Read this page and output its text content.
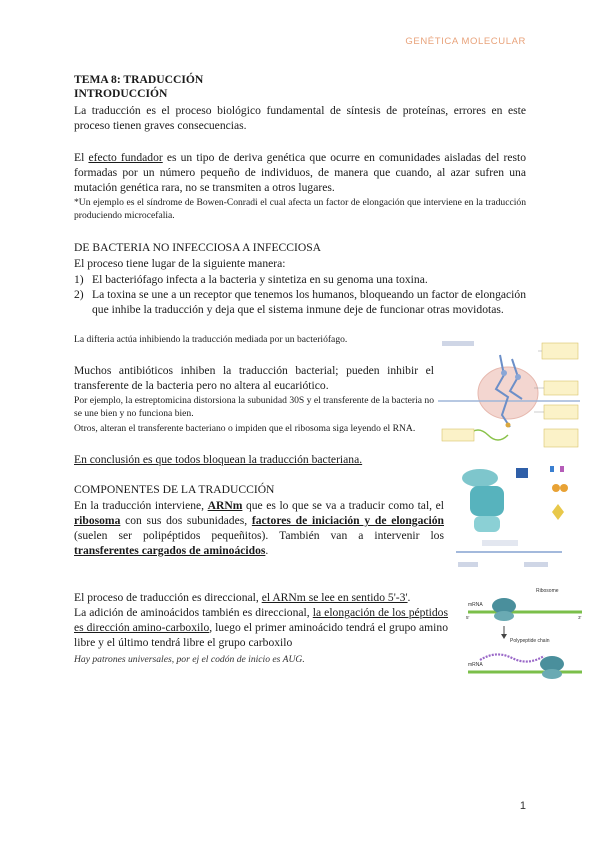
GENÉTICA MOLECULAR
TEMA 8: TRADUCCIÓN
INTRODUCCIÓN
La traducción es el proceso biológico fundamental de síntesis de proteínas, errores en este proceso tienen graves consecuencias.
El efecto fundador es un tipo de deriva genética que ocurre en comunidades aisladas del resto formadas por un número pequeño de individuos, de manera que cuando, al azar sufren una mutación genética rara, no se transmiten a otros lugares.
*Un ejemplo es el síndrome de Bowen-Conradi el cual afecta un factor de elongación que interviene en la traducción produciendo microcefalia.
DE BACTERIA NO INFECCIOSA A INFECCIOSA
El proceso tiene lugar de la siguiente manera:
1) El bacteriófago infecta a la bacteria y sintetiza en su genoma una toxina.
2) La toxina se une a un receptor que tenemos los humanos, bloqueando un factor de elongación que inhibe la traducción y deja que el sistema inmune deje de funcionar otras movidotas.
La difteria actúa inhibiendo la traducción mediada por un bacteriófago.
Muchos antibióticos inhiben la traducción bacterial; pueden inhibir el transferente de la bacteria pero no altera al eucariótico.
Por ejemplo, la estreptomicina distorsiona la subunidad 30S y el transferente de la bacteria no se une bien y no funciona bien.
Otros, alteran el transferente bacteriano o impiden que el ribosoma siga leyendo el RNA.
En conclusión es que todos bloquean la traducción bacteriana.
COMPONENTES DE LA TRADUCCIÓN
En la traducción interviene, ARNm que es lo que se va a traducir como tal, el ribosoma con sus dos subunidades, factores de iniciación y de elongación (suelen ser polipéptidos pequeñitos). También van a intervenir los transferentes cargados de aminoácidos.
El proceso de traducción es direccional, el ARNm se lee en sentido 5'-3'.
La adición de aminoácidos también es direccional, la elongación de los péptidos es dirección amino-carboxilo, luego el primer aminoácido tendrá el grupo amino libre y el último tendrá libre el grupo carboxilo
Hay patrones universales, por ej el codón de inicio es AUG.
Ribosome
mRNA
5'	3'
Polypeptide chain
mRNA
1
